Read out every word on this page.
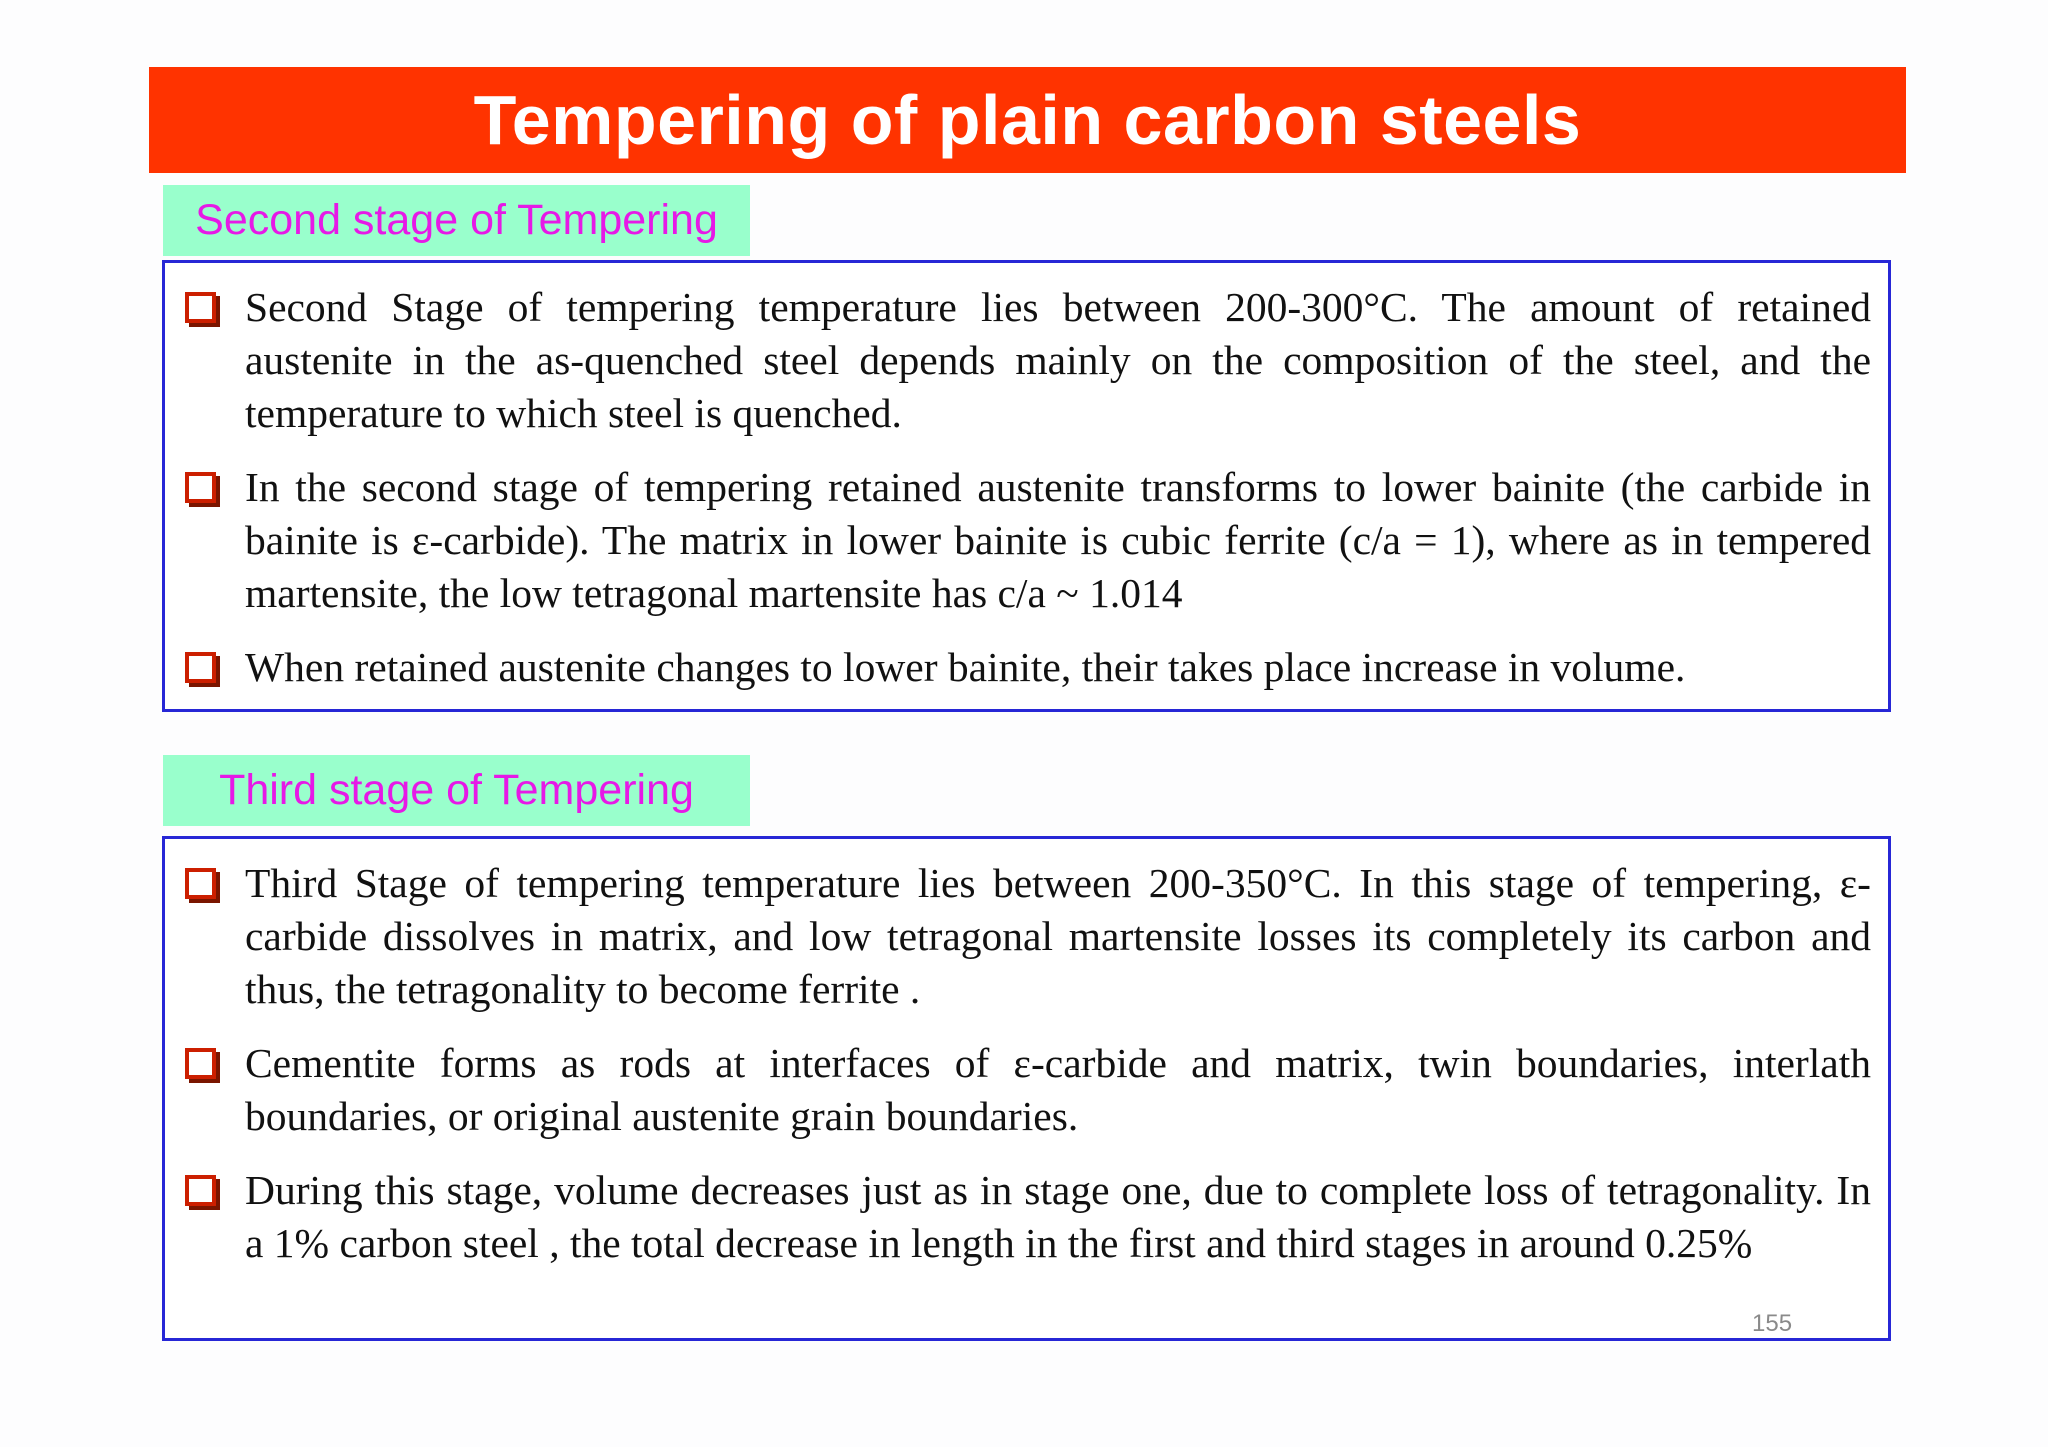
Tempering of plain carbon steels
Second stage of Tempering

Second Stage of tempering temperature lies between 200-300°C. The amount of retained austenite in the as-quenched steel depends mainly on the composition of the steel, and the temperature to which steel is quenched.

In the second stage of tempering retained austenite transforms to lower bainite (the carbide in bainite is ε-carbide). The matrix in lower bainite is cubic ferrite (c/a = 1), where as in tempered martensite, the low tetragonal martensite has c/a ~ 1.014

When retained austenite changes to lower bainite, their takes place increase in volume.

Third stage of Tempering

Third Stage of tempering temperature lies between 200-350°C. In this stage of tempering, ε-carbide dissolves in matrix, and low tetragonal martensite losses its completely its carbon and thus, the tetragonality to become ferrite .

Cementite forms as rods at interfaces of ε-carbide and matrix, twin boundaries, interlath boundaries, or original austenite grain boundaries.

During this stage, volume decreases just as in stage one, due to complete loss of tetragonality. In a 1% carbon steel , the total decrease in length in the first and third stages in around 0.25%

155
